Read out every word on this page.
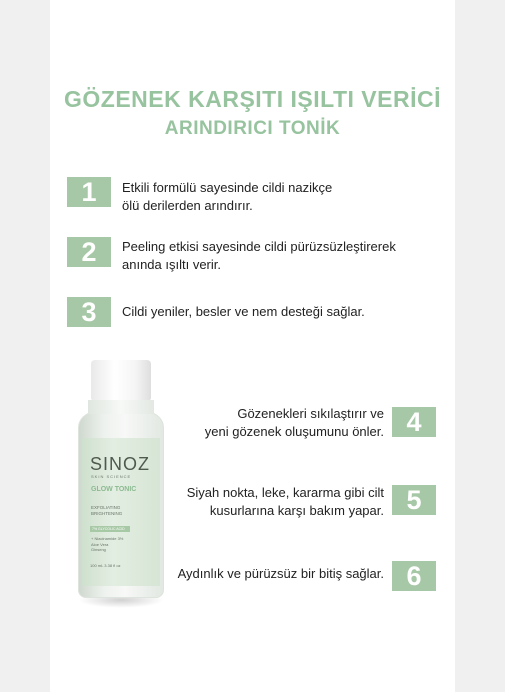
GÖZENEK KARŞITI IŞILTI VERİCİ
ARINDIRICI TONİK
1	Etkili formülü sayesinde cildi nazikçe
ölü derilerden arındırır.
2	Peeling etkisi sayesinde cildi pürüzsüzleştirerek
anında ışıltı verir.
3	Cildi yeniler, besler ve nem desteği sağlar.
SINOZ
SKIN SCIENCE
GLOW TONIC
EXFOLIATING
BRIGHTENING
7% GLYCOLIC ACID
+ Niacinamide 3%
Aloe Vera
Ginseng
100 mL 3.38 fl oz
Gözenekleri sıkılaştırır ve
yeni gözenek oluşumunu önler. 4
Siyah nokta, leke, kararma gibi cilt
kusurlarına karşı bakım yapar. 5
Aydınlık ve pürüzsüz bir bitiş sağlar. 6
